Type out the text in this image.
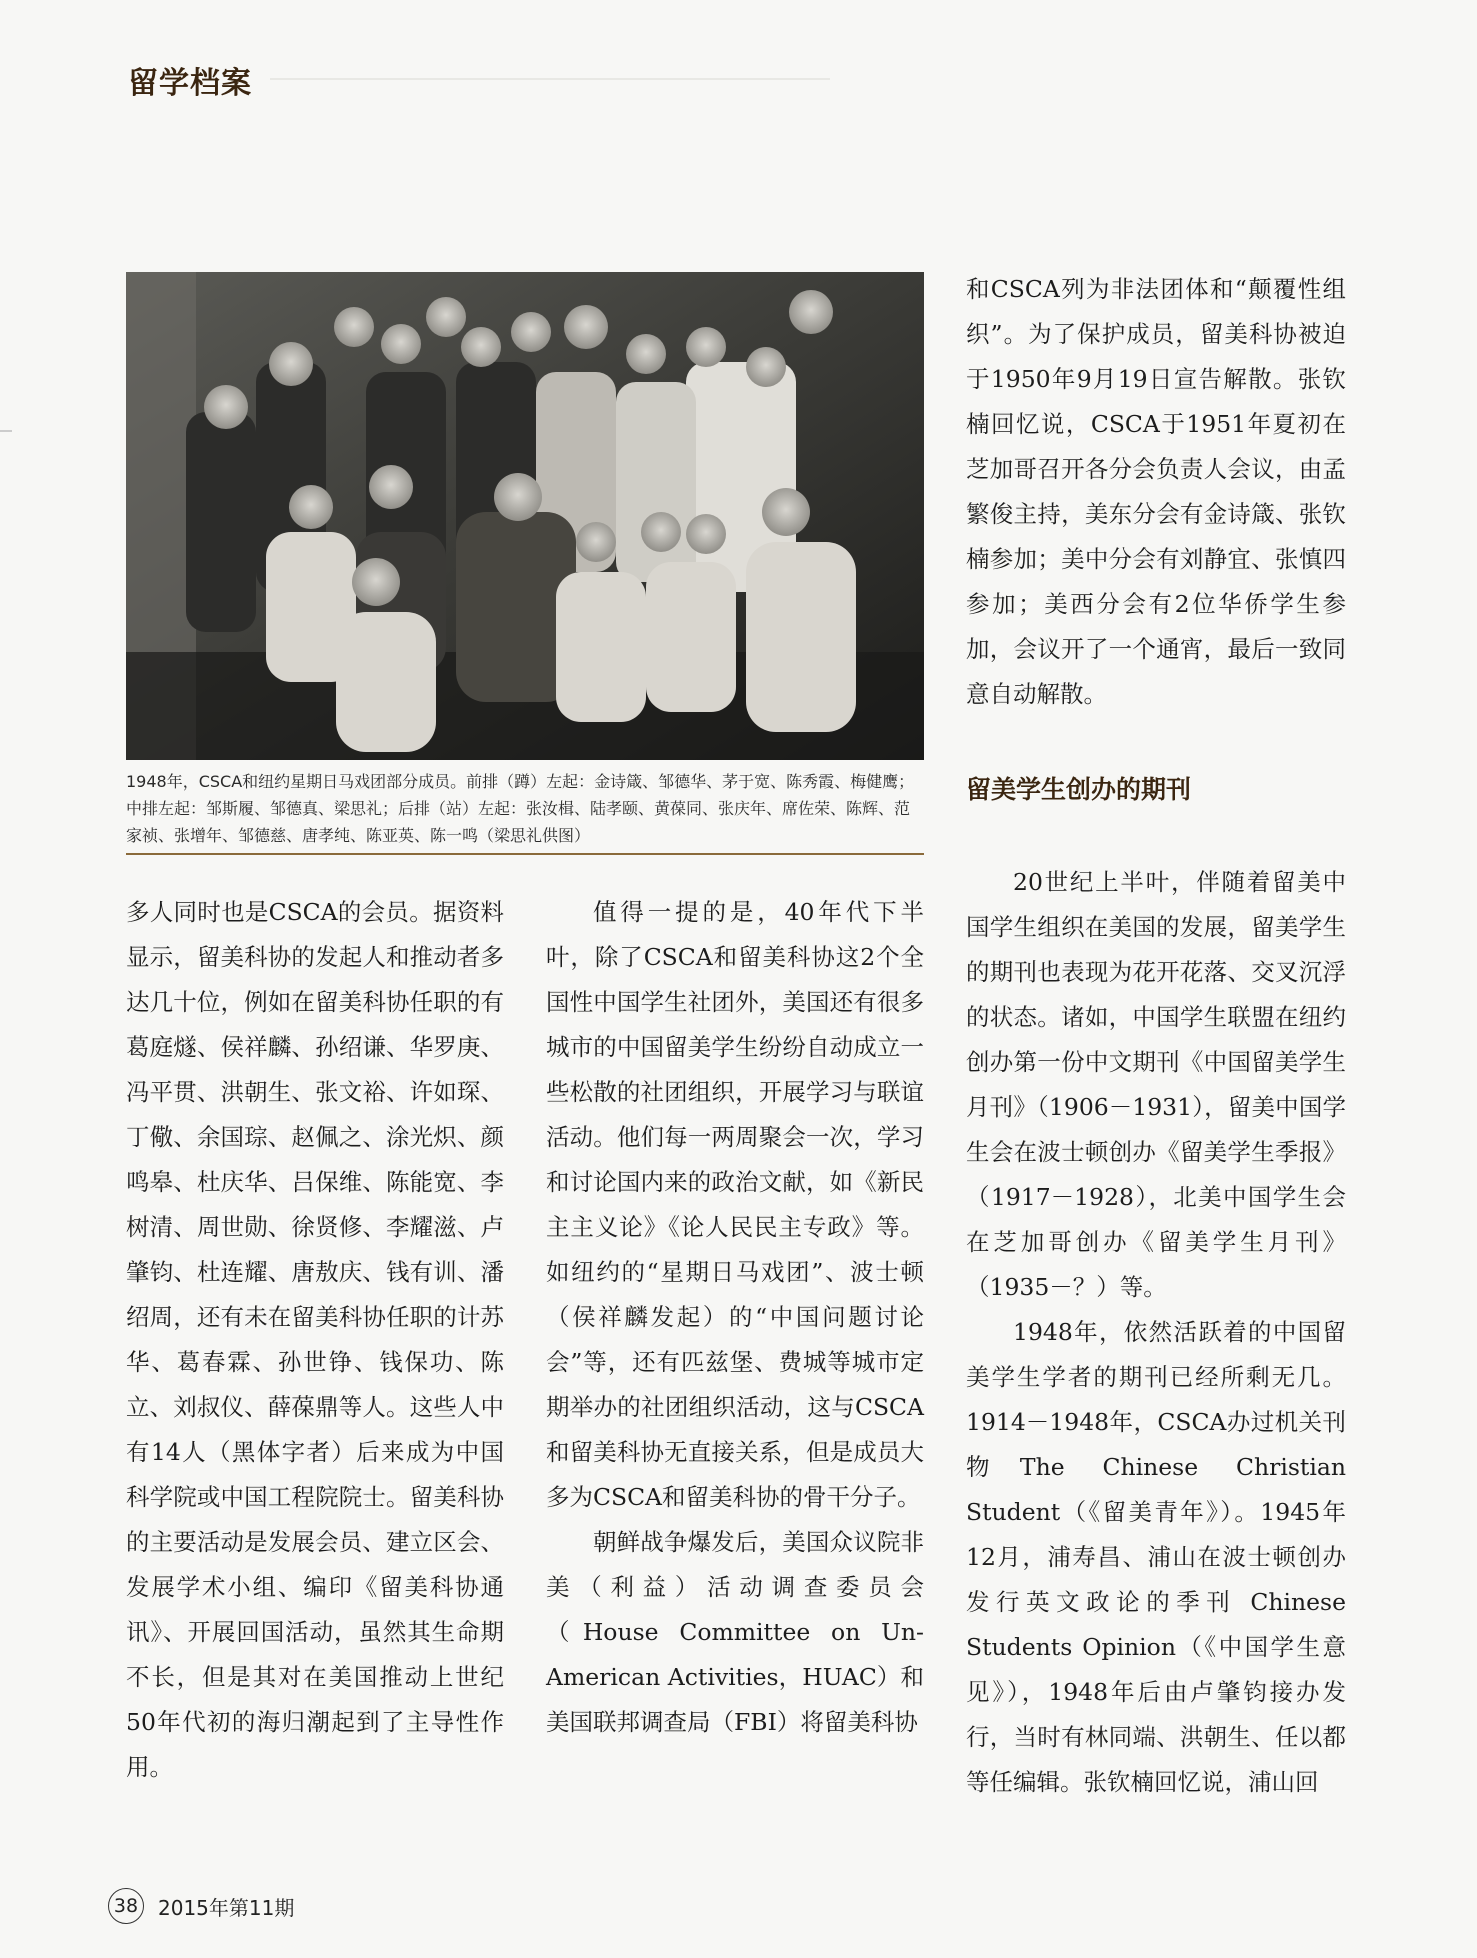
留学档案

1948年，CSCA和纽约星期日马戏团部分成员。前排（蹲）左起：金诗箴、邹德华、茅于宽、陈秀霞、梅健鹰；中排左起：邹斯履、邹德真、梁思礼；后排（站）左起：张汝楫、陆孝颐、黄葆同、张庆年、席佐荣、陈辉、范家祯、张增年、邹德慈、唐孝纯、陈亚英、陈一鸣（梁思礼供图）

多人同时也是CSCA的会员。据资料显示，留美科协的发起人和推动者多达几十位，例如在留美科协任职的有葛庭燧、侯祥麟、孙绍谦、华罗庚、冯平贯、洪朝生、张文裕、许如琛、丁儆、余国琮、赵佩之、涂光炽、颜鸣皋、杜庆华、吕保维、陈能宽、李树清、周世勋、徐贤修、李耀滋、卢肇钧、杜连耀、唐敖庆、钱有训、潘绍周，还有未在留美科协任职的计苏华、葛春霖、孙世铮、钱保功、陈立、刘叔仪、薛葆鼎等人。这些人中有14人（黑体字者）后来成为中国科学院或中国工程院院士。留美科协的主要活动是发展会员、建立区会、发展学术小组、编印《留美科协通讯》、开展回国活动，虽然其生命期不长，但是其对在美国推动上世纪50年代初的海归潮起到了主导性作用。

值得一提的是，40年代下半叶，除了CSCA和留美科协这2个全国性中国学生社团外，美国还有很多城市的中国留美学生纷纷自动成立一些松散的社团组织，开展学习与联谊活动。他们每一两周聚会一次，学习和讨论国内来的政治文献，如《新民主主义论》《论人民民主专政》等。如纽约的“星期日马戏团”、波士顿（侯祥麟发起）的“中国问题讨论会”等，还有匹兹堡、费城等城市定期举办的社团组织活动，这与CSCA和留美科协无直接关系，但是成员大多为CSCA和留美科协的骨干分子。

朝鲜战争爆发后，美国众议院非美（利益）活动调查委员会（House Committee on Un-American Activities，HUAC）和美国联邦调查局（FBI）将留美科协

和CSCA列为非法团体和“颠覆性组织”。为了保护成员，留美科协被迫于1950年9月19日宣告解散。张钦楠回忆说，CSCA于1951年夏初在芝加哥召开各分会负责人会议，由孟繁俊主持，美东分会有金诗箴、张钦楠参加；美中分会有刘静宜、张慎四参加；美西分会有2位华侨学生参加，会议开了一个通宵，最后一致同意自动解散。

留美学生创办的期刊

20世纪上半叶，伴随着留美中国学生组织在美国的发展，留美学生的期刊也表现为花开花落、交叉沉浮的状态。诸如，中国学生联盟在纽约创办第一份中文期刊《中国留美学生月刊》（1906－1931），留美中国学生会在波士顿创办《留美学生季报》（1917－1928），北美中国学生会在芝加哥创办《留美学生月刊》（1935－？）等。

1948年，依然活跃着的中国留美学生学者的期刊已经所剩无几。1914－1948年，CSCA办过机关刊物The Chinese Christian Student（《留美青年》）。1945年12月，浦寿昌、浦山在波士顿创办发行英文政论的季刊 Chinese Students Opinion（《中国学生意见》），1948年后由卢肇钧接办发行，当时有林同端、洪朝生、任以都等任编辑。张钦楠回忆说，浦山回

38 2015年第11期
